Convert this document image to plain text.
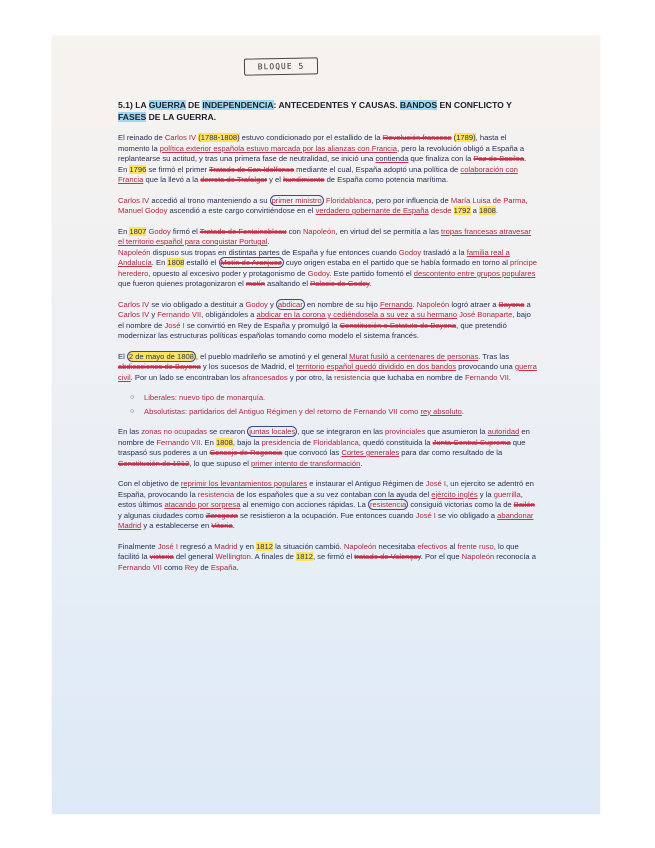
BLOQUE 5
5.1) LA GUERRA DE INDEPENDENCIA: ANTECEDENTES Y CAUSAS. BANDOS EN CONFLICTO Y FASES DE LA GUERRA.

El reinado de Carlos IV (1788-1808) estuvo condicionado por el estallido de la Revolución francesa (1789), hasta el momento la política exterior española estuvo marcada por las alianzas con Francia, pero la revolución obligó a España a replantearse su actitud, y tras una primera fase de neutralidad, se inició una contienda que finaliza con la Paz de Basilea.
En 1796 se firmó el primer Tratado de San Idelfonso mediante el cual, España adoptó una política de colaboración con Francia que la llevó a la derrota de Trafalgar y el hundimiento de España como potencia marítima.

Carlos IV accedió al trono manteniendo a su primer ministro Floridablanca, pero por influencia de María Luisa de Parma, Manuel Godoy ascendió a este cargo convirtiéndose en el verdadero gobernante de España desde 1792 a 1808.

En 1807 Godoy firmó el Tratado de Fontainebleau con Napoleón, en virtud del se permitía a las tropas francesas atravesar el territorio español para conquistar Portugal.
Napoleón dispuso sus tropas en distintas partes de España y fue entonces cuando Godoy trasladó a la familia real a Andalucía. En 1808 estalló el Motín de Aranjuez cuyo origen estaba en el partido que se había formado en torno al príncipe heredero, opuesto al excesivo poder y protagonismo de Godoy. Este partido fomentó el descontento entre grupos populares que fueron quienes protagonizaron el motín asaltando el Palacio de Godoy.

Carlos IV se vio obligado a destituir a Godoy y abdicar en nombre de su hijo Fernando. Napoleón logró atraer a Bayona a Carlos IV y Fernando VII, obligándoles a abdicar en la corona y cediéndosela a su vez a su hermano José Bonaparte, bajo el nombre de José I se convirtió en Rey de España y promulgó la Constitución o Estatuto de Bayona, que pretendió modernizar las estructuras políticas españolas tomando como modelo el sistema francés.

El 2 de mayo de 1808 , el pueblo madrileño se amotinó y el general Murat fusiló a centenares de personas. Tras las abdicaciones de Bayona y los sucesos de Madrid, el territorio español quedó dividido en dos bandos provocando una guerra civil. Por un lado se encontraban los afrancesados y por otro, la resistencia que luchaba en nombre de Fernando VII.

○ Liberales: nuevo tipo de monarquía.
○ Absolutistas: partidarios del Antiguo Régimen y del retorno de Fernando VII como rey absoluto.

En las zonas no ocupadas se crearon juntas locales , que se integraron en las provinciales que asumieron la autoridad en nombre de Fernando VII. En 1808, bajo la presidencia de Floridablanca, quedó constituida la Junta Central Suprema que traspasó sus poderes a un Consejo de Regencia que convocó las Cortes generales para dar como resultado de la Constitución de 1812, lo que supuso el primer intento de transformación.

Con el objetivo de reprimir los levantamientos populares e instaurar el Antiguo Régimen de José I, un ejercito se adentró en España, provocando la resistencia de los españoles que a su vez contaban con la ayuda del ejército inglés y la guerrilla, estos últimos atacando por sorpresa al enemigo con acciones rápidas. La resistencia consiguió victorias como la de Bailén y algunas ciudades como Zaragoza se resistieron a la ocupación. Fue entonces cuando José I se vio obligado a abandonar Madrid y a establecerse en Vitoria.

Finalmente José I regresó a Madrid y en 1812 la situación cambió. Napoleón necesitaba efectivos al frente ruso, lo que facilitó la victoria del general Wellington. A finales de 1812, se firmó el tratado de Valençay. Por el que Napoleón reconocía a Fernando VII como Rey de España.
